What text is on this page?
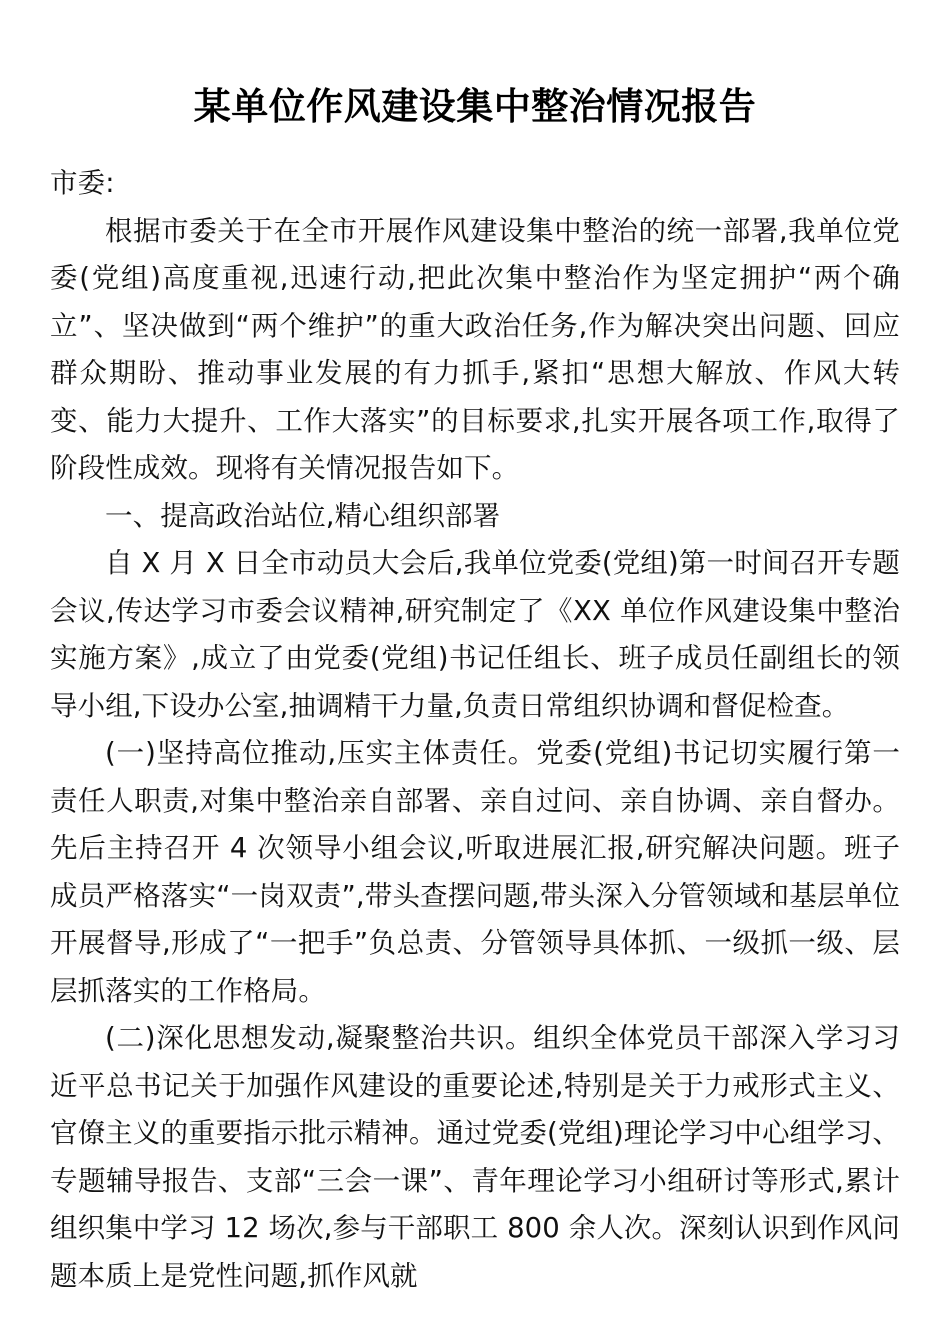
某单位作风建设集中整治情况报告

市委:

根据市委关于在全市开展作风建设集中整治的统一部署,我单位党委(党组)高度重视,迅速行动,把此次集中整治作为坚定拥护“两个确立”、坚决做到“两个维护”的重大政治任务,作为解决突出问题、回应群众期盼、推动事业发展的有力抓手,紧扣“思想大解放、作风大转变、能力大提升、工作大落实”的目标要求,扎实开展各项工作,取得了阶段性成效。现将有关情况报告如下。

一、提高政治站位,精心组织部署

自 X 月 X 日全市动员大会后,我单位党委(党组)第一时间召开专题会议,传达学习市委会议精神,研究制定了《XX 单位作风建设集中整治实施方案》,成立了由党委(党组)书记任组长、班子成员任副组长的领导小组,下设办公室,抽调精干力量,负责日常组织协调和督促检查。

(一)坚持高位推动,压实主体责任。党委(党组)书记切实履行第一责任人职责,对集中整治亲自部署、亲自过问、亲自协调、亲自督办。先后主持召开 4 次领导小组会议,听取进展汇报,研究解决问题。班子成员严格落实“一岗双责”,带头查摆问题,带头深入分管领域和基层单位开展督导,形成了“一把手”负总责、分管领导具体抓、一级抓一级、层层抓落实的工作格局。

(二)深化思想发动,凝聚整治共识。组织全体党员干部深入学习习近平总书记关于加强作风建设的重要论述,特别是关于力戒形式主义、官僚主义的重要指示批示精神。通过党委(党组)理论学习中心组学习、专题辅导报告、支部“三会一课”、青年理论学习小组研讨等形式,累计组织集中学习 12 场次,参与干部职工 800 余人次。深刻认识到作风问题本质上是党性问题,抓作风就
